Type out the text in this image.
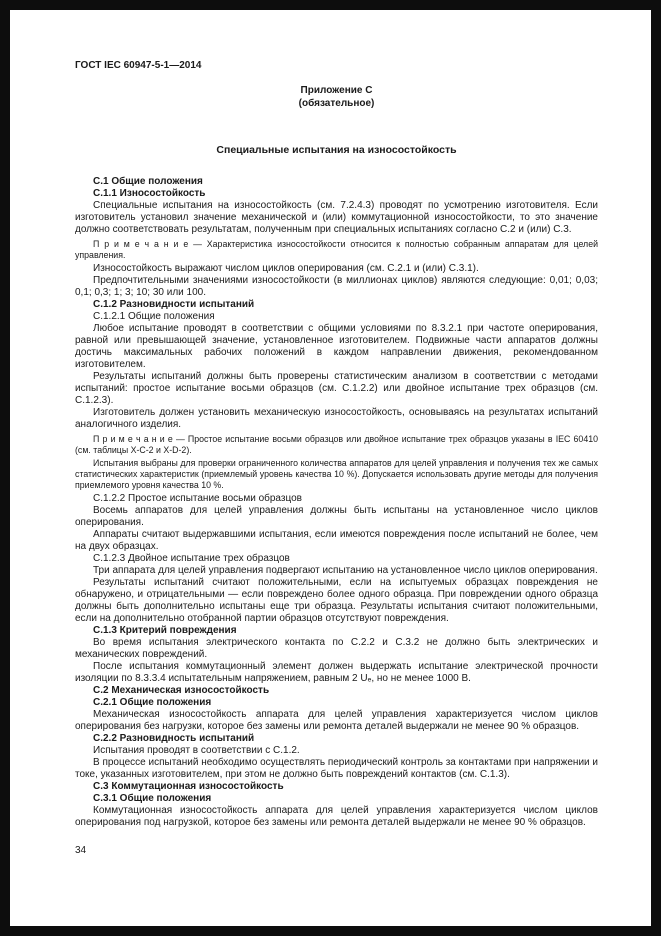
ГОСТ IEC 60947-5-1—2014
Приложение С
(обязательное)
Специальные испытания на износостойкость

С.1 Общие положения

С.1.1 Износостойкость

Специальные испытания на износостойкость (см. 7.2.4.3) проводят по усмотрению изготовителя. Если изготовитель установил значение механической и (или) коммутационной износостойкости, то это значение должно соответствовать результатам, полученным при специальных испытаниях согласно С.2 и (или) С.3.

П р и м е ч а н и е — Характеристика износостойкости относится к полностью собранным аппаратам для целей управления.

Износостойкость выражают числом циклов оперирования (см. С.2.1 и (или) С.3.1).

Предпочтительными значениями износостойкости (в миллионах циклов) являются следующие: 0,01; 0,03; 0,1; 0,3; 1; 3; 10; 30 или 100.

С.1.2 Разновидности испытаний

С.1.2.1 Общие положения

Любое испытание проводят в соответствии с общими условиями по 8.3.2.1 при частоте оперирования, равной или превышающей значение, установленное изготовителем. Подвижные части аппаратов должны достичь максимальных рабочих положений в каждом направлении движения, рекомендованном изготовителем.

Результаты испытаний должны быть проверены статистическим анализом в соответствии с методами испытаний: простое испытание восьми образцов (см. С.1.2.2) или двойное испытание трех образцов (см. С.1.2.3).

Изготовитель должен установить механическую износостойкость, основываясь на результатах испытаний аналогичного изделия.

П р и м е ч а н и е — Простое испытание восьми образцов или двойное испытание трех образцов указаны в IEC 60410 (см. таблицы X-C-2 и X-D-2).

Испытания выбраны для проверки ограниченного количества аппаратов для целей управления и получения тех же самых статистических характеристик (приемлемый уровень качества 10 %). Допускается использовать другие методы для получения приемлемого уровня качества 10 %.

С.1.2.2 Простое испытание восьми образцов

Восемь аппаратов для целей управления должны быть испытаны на установленное число циклов оперирования.

Аппараты считают выдержавшими испытания, если имеются повреждения после испытаний не более, чем на двух образцах.

С.1.2.3 Двойное испытание трех образцов

Три аппарата для целей управления подвергают испытанию на установленное число циклов оперирования.

Результаты испытаний считают положительными, если на испытуемых образцах повреждения не обнаружено, и отрицательными — если повреждено более одного образца. При повреждении одного образца должны быть дополнительно испытаны еще три образца. Результаты испытания считают положительными, если на дополнительно отобранной партии образцов отсутствуют повреждения.

С.1.3 Критерий повреждения

Во время испытания электрического контакта по С.2.2 и С.3.2 не должно быть электрических и механических повреждений.

После испытания коммутационный элемент должен выдержать испытание электрической прочности изоляции по 8.3.3.4 испытательным напряжением, равным 2 Uₑ, но не менее 1000 В.

С.2 Механическая износостойкость

С.2.1 Общие положения

Механическая износостойкость аппарата для целей управления характеризуется числом циклов оперирования без нагрузки, которое без замены или ремонта деталей выдержали не менее 90 % образцов.

С.2.2 Разновидность испытаний

Испытания проводят в соответствии с С.1.2.

В процессе испытаний необходимо осуществлять периодический контроль за контактами при напряжении и токе, указанных изготовителем, при этом не должно быть повреждений контактов (см. С.1.3).

С.3 Коммутационная износостойкость

С.3.1 Общие положения

Коммутационная износостойкость аппарата для целей управления характеризуется числом циклов оперирования под нагрузкой, которое без замены или ремонта деталей выдержали не менее 90 % образцов.

34
